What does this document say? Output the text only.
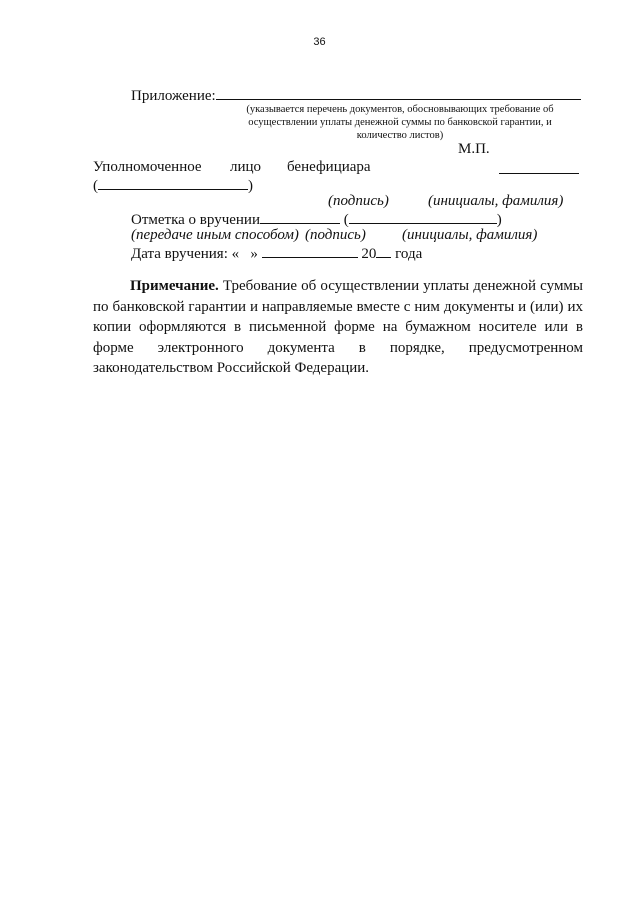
36
Приложение:
(указывается перечень документов, обосновывающих требование об
осуществлении уплаты денежной суммы по банковской гарантии, и
количество листов)
М.П.
Уполномоченное лицо бенефициара
(	)
(подпись)	(инициалы, фамилия)
Отметка о вручении	(	)
(передаче иным способом) (подпись) (инициалы, фамилия)
Дата вручения: « »	20 года
Примечание. Требование об осуществлении уплаты денежной суммы по банковской гарантии и направляемые вместе с ним документы и (или) их копии оформляются в письменной форме на бумажном носителе или в форме электронного документа в порядке, предусмотренном законодательством Российской Федерации.
